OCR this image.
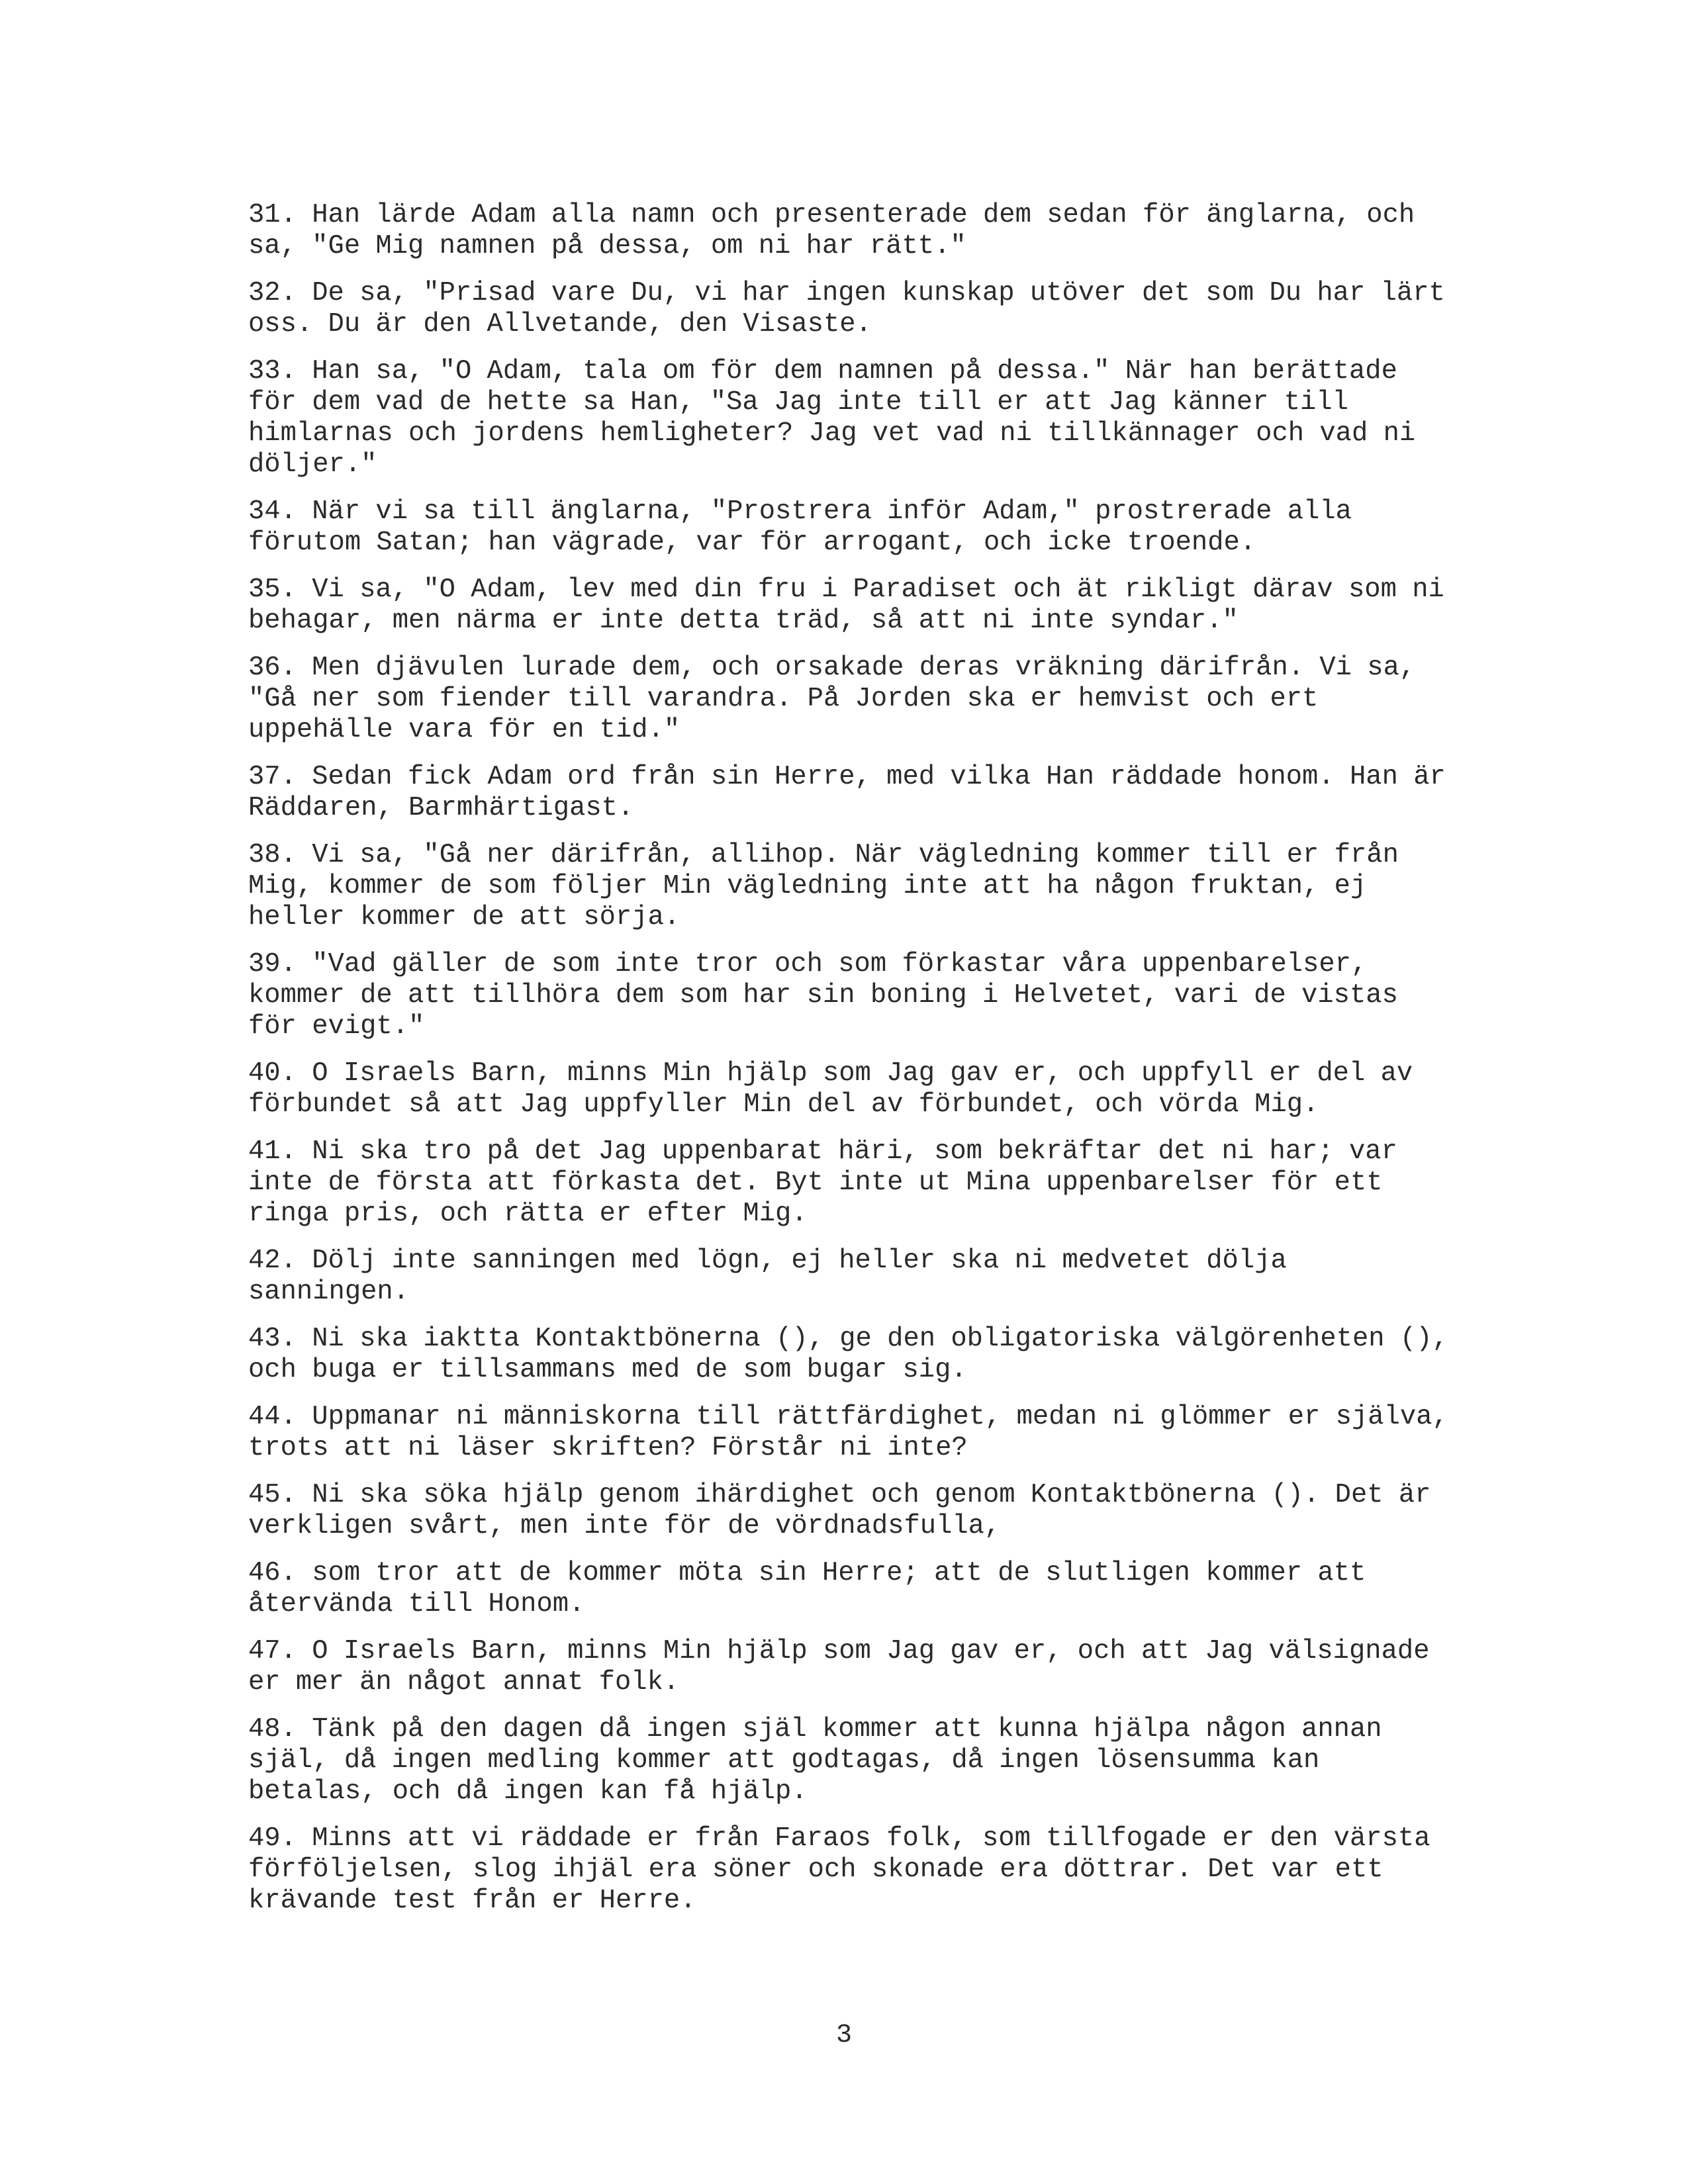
31. Han lärde Adam alla namn och presenterade dem sedan för änglarna, och sa, "Ge Mig namnen på dessa, om ni har rätt."

32. De sa, "Prisad vare Du, vi har ingen kunskap utöver det som Du har lärt oss. Du är den Allvetande, den Visaste.

33. Han sa, "O Adam, tala om för dem namnen på dessa." När han berättade för dem vad de hette sa Han, "Sa Jag inte till er att Jag känner till himlarnas och jordens hemligheter? Jag vet vad ni tillkännager och vad ni döljer."

34. När vi sa till änglarna, "Prostrera inför Adam," prostrerade alla förutom Satan; han vägrade, var för arrogant, och icke troende.

35. Vi sa, "O Adam, lev med din fru i Paradiset och ät rikligt därav som ni behagar, men närma er inte detta träd, så att ni inte syndar."

36. Men djävulen lurade dem, och orsakade deras vräkning därifrån. Vi sa, "Gå ner som fiender till varandra. På Jorden ska er hemvist och ert uppehälle vara för en tid."

37. Sedan fick Adam ord från sin Herre, med vilka Han räddade honom. Han är Räddaren, Barmhärtigast.

38. Vi sa, "Gå ner därifrån, allihop. När vägledning kommer till er från Mig, kommer de som följer Min vägledning inte att ha någon fruktan, ej heller kommer de att sörja.

39. "Vad gäller de som inte tror och som förkastar våra uppenbarelser, kommer de att tillhöra dem som har sin boning i Helvetet, vari de vistas för evigt."

40. O Israels Barn, minns Min hjälp som Jag gav er, och uppfyll er del av förbundet så att Jag uppfyller Min del av förbundet, och vörda Mig.

41. Ni ska tro på det Jag uppenbarat häri, som bekräftar det ni har; var inte de första att förkasta det. Byt inte ut Mina uppenbarelser för ett ringa pris, och rätta er efter Mig.

42. Dölj inte sanningen med lögn, ej heller ska ni medvetet dölja sanningen.

43. Ni ska iaktta Kontaktbönerna (), ge den obligatoriska välgörenheten (), och buga er tillsammans med de som bugar sig.

44. Uppmanar ni människorna till rättfärdighet, medan ni glömmer er själva, trots att ni läser skriften? Förstår ni inte?

45. Ni ska söka hjälp genom ihärdighet och genom Kontaktbönerna (). Det är verkligen svårt, men inte för de vördnadsfulla,

46. som tror att de kommer möta sin Herre; att de slutligen kommer att återvända till Honom.

47. O Israels Barn, minns Min hjälp som Jag gav er, och att Jag välsignade er mer än något annat folk.

48. Tänk på den dagen då ingen själ kommer att kunna hjälpa någon annan själ, då ingen medling kommer att godtagas, då ingen lösensumma kan betalas, och då ingen kan få hjälp.

49. Minns att vi räddade er från Faraos folk, som tillfogade er den värsta förföljelsen, slog ihjäl era söner och skonade era döttrar. Det var ett krävande test från er Herre.

3
